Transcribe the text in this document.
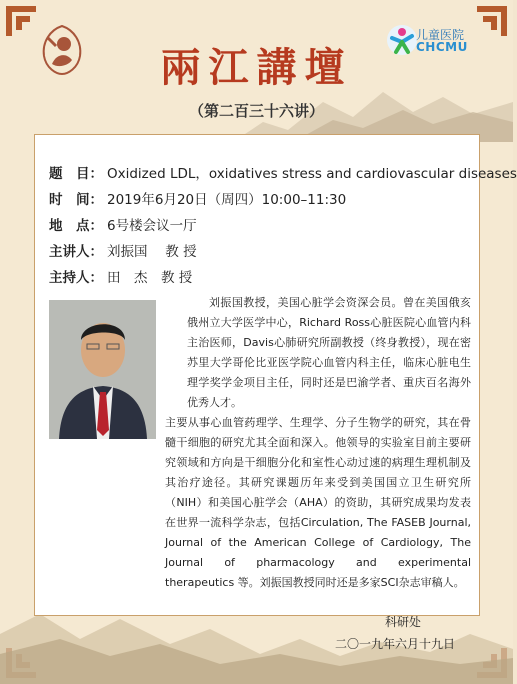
儿童医院
CHCMU
兩江講壇
（第二百三十六讲）
题　目： Oxidized LDL，oxidatives stress and cardiovascular diseases
时　间： 2019年6月20日（周四）10:00–11:30
地　点： 6号楼会议一厅
主讲人： 刘振国　 教 授
主持人： 田　杰　教 授

刘振国教授，美国心脏学会资深会员。曾在美国俄亥俄州立大学医学中心，Richard Ross心脏医院心血管内科主治医师，Davis心肺研究所副教授（终身教授），现在密苏里大学哥伦比亚医学院心血管内科主任，临床心脏电生理学奖学金项目主任，同时还是巴渝学者、重庆百名海外优秀人才。

主要从事心血管药理学、生理学、分子生物学的研究，其在骨髓干细胞的研究尤其全面和深入。他领导的实验室目前主要研究领域和方向是干细胞分化和室性心动过速的病理生理机制及其治疗途径。其研究课题历年来受到美国国立卫生研究所（NIH）和美国心脏学会（AHA）的资助，其研究成果均发表在世界一流科学杂志，包括Circulation, The FASEB Journal, Journal of the American College of Cardiology, The Journal of pharmacology and experimental therapeutics 等。刘振国教授同时还是多家SCI杂志审稿人。

科研处
二〇一九年六月十九日
